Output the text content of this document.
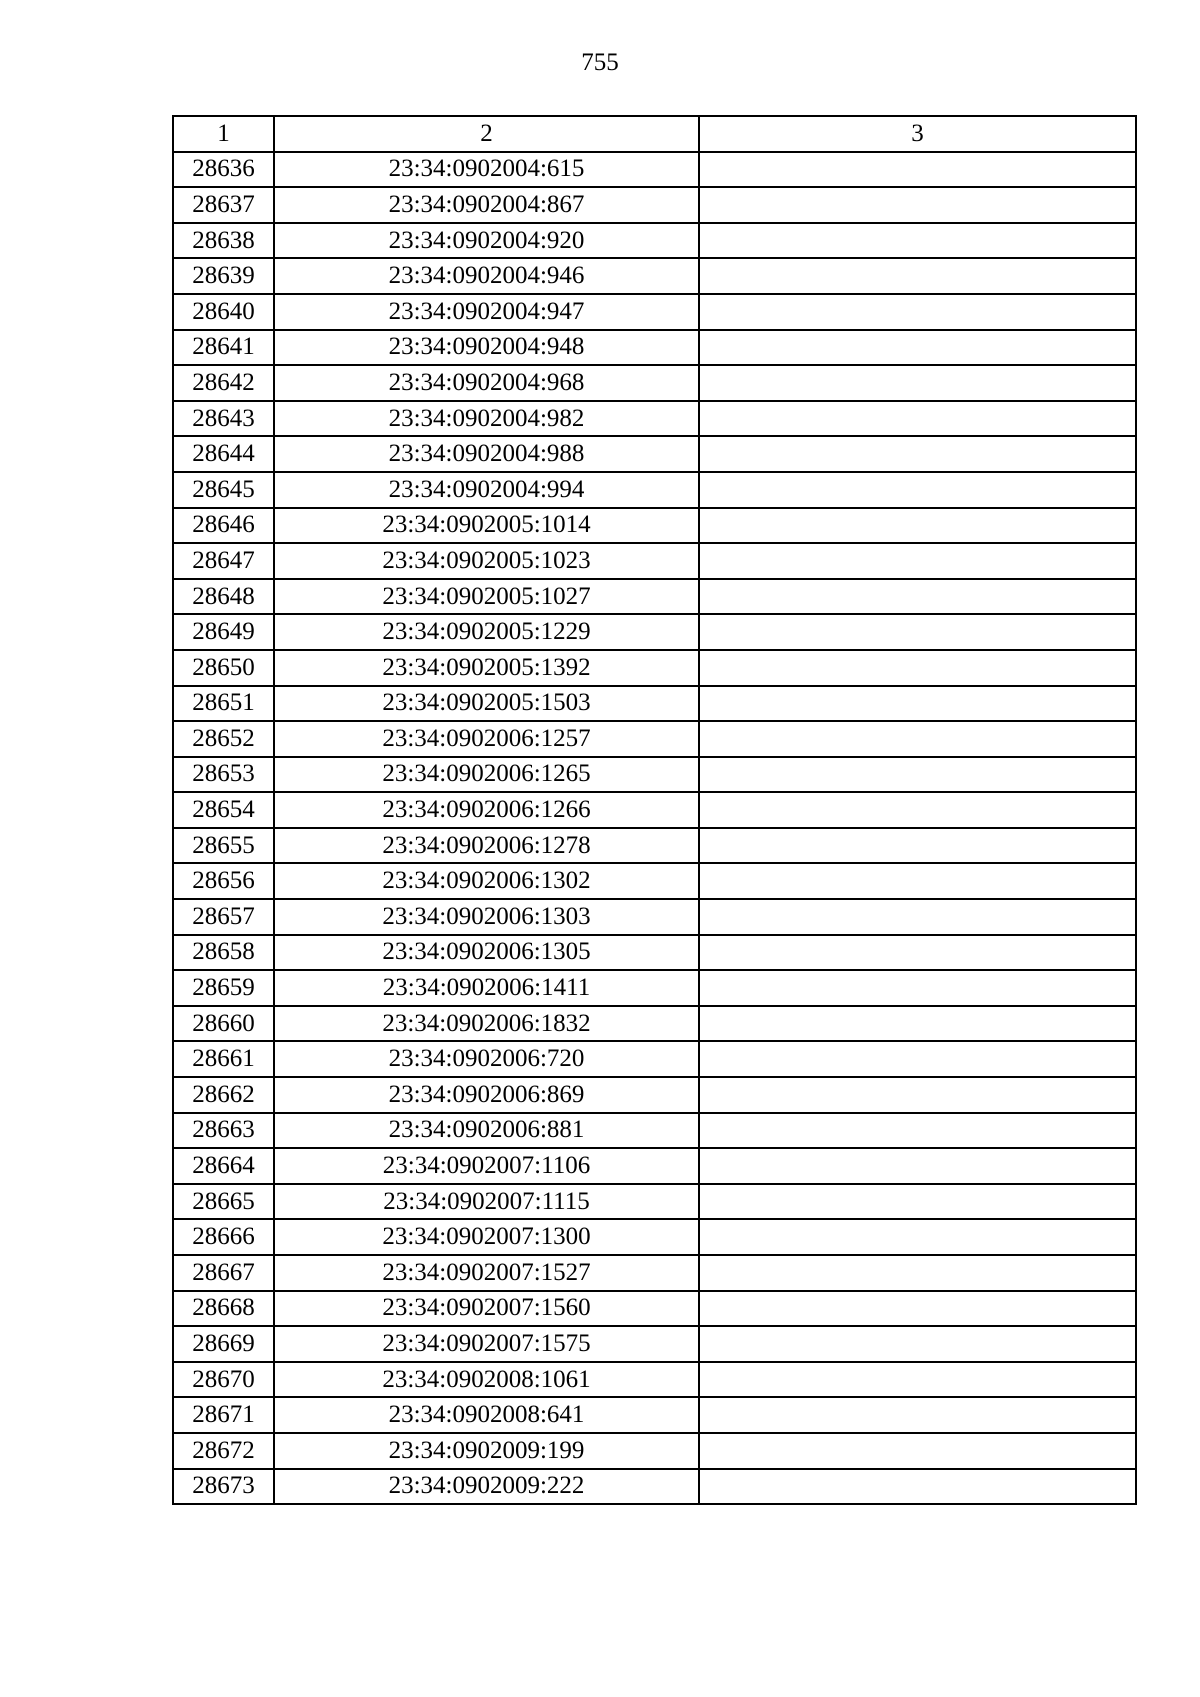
755
1	2	3
28636	23:34:0902004:615	
28637	23:34:0902004:867	
28638	23:34:0902004:920	
28639	23:34:0902004:946	
28640	23:34:0902004:947	
28641	23:34:0902004:948	
28642	23:34:0902004:968	
28643	23:34:0902004:982	
28644	23:34:0902004:988	
28645	23:34:0902004:994	
28646	23:34:0902005:1014	
28647	23:34:0902005:1023	
28648	23:34:0902005:1027	
28649	23:34:0902005:1229	
28650	23:34:0902005:1392	
28651	23:34:0902005:1503	
28652	23:34:0902006:1257	
28653	23:34:0902006:1265	
28654	23:34:0902006:1266	
28655	23:34:0902006:1278	
28656	23:34:0902006:1302	
28657	23:34:0902006:1303	
28658	23:34:0902006:1305	
28659	23:34:0902006:1411	
28660	23:34:0902006:1832	
28661	23:34:0902006:720	
28662	23:34:0902006:869	
28663	23:34:0902006:881	
28664	23:34:0902007:1106	
28665	23:34:0902007:1115	
28666	23:34:0902007:1300	
28667	23:34:0902007:1527	
28668	23:34:0902007:1560	
28669	23:34:0902007:1575	
28670	23:34:0902008:1061	
28671	23:34:0902008:641	
28672	23:34:0902009:199	
28673	23:34:0902009:222	
